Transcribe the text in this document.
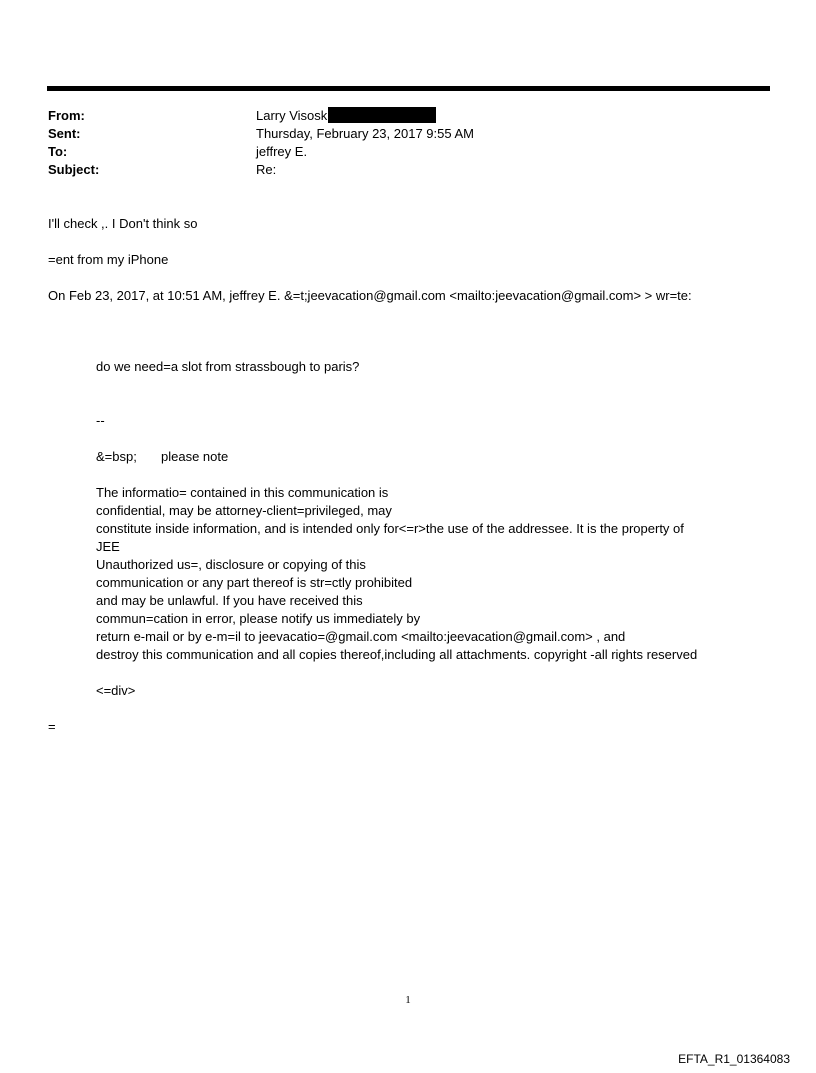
From:	Larry Visosk
Sent:	Thursday, February 23, 2017 9:55 AM
To:	jeffrey E.
Subject:	Re:
I'll check ,. I Don't think so
=ent from my iPhone
On Feb 23, 2017, at 10:51 AM, jeffrey E. &=t;jeevacation@gmail.com <mailto:jeevacation@gmail.com> > wr=te:
do we need=a slot from strassbough to paris?
--
&=bsp; please note
The informatio= contained in this communication is
confidential, may be attorney-client=privileged, may
constitute inside information, and is intended only for<=r>the use of the addressee. It is the property of
JEE
Unauthorized us=, disclosure or copying of this
communication or any part thereof is str=ctly prohibited
and may be unlawful. If you have received this
commun=cation in error, please notify us immediately by
return e-mail or by e-m=il to jeevacatio=@gmail.com <mailto:jeevacation@gmail.com> , and
destroy this communication and all copies thereof,including all attachments. copyright -all rights reserved
<=div>
=
1
EFTA_R1_01364083
